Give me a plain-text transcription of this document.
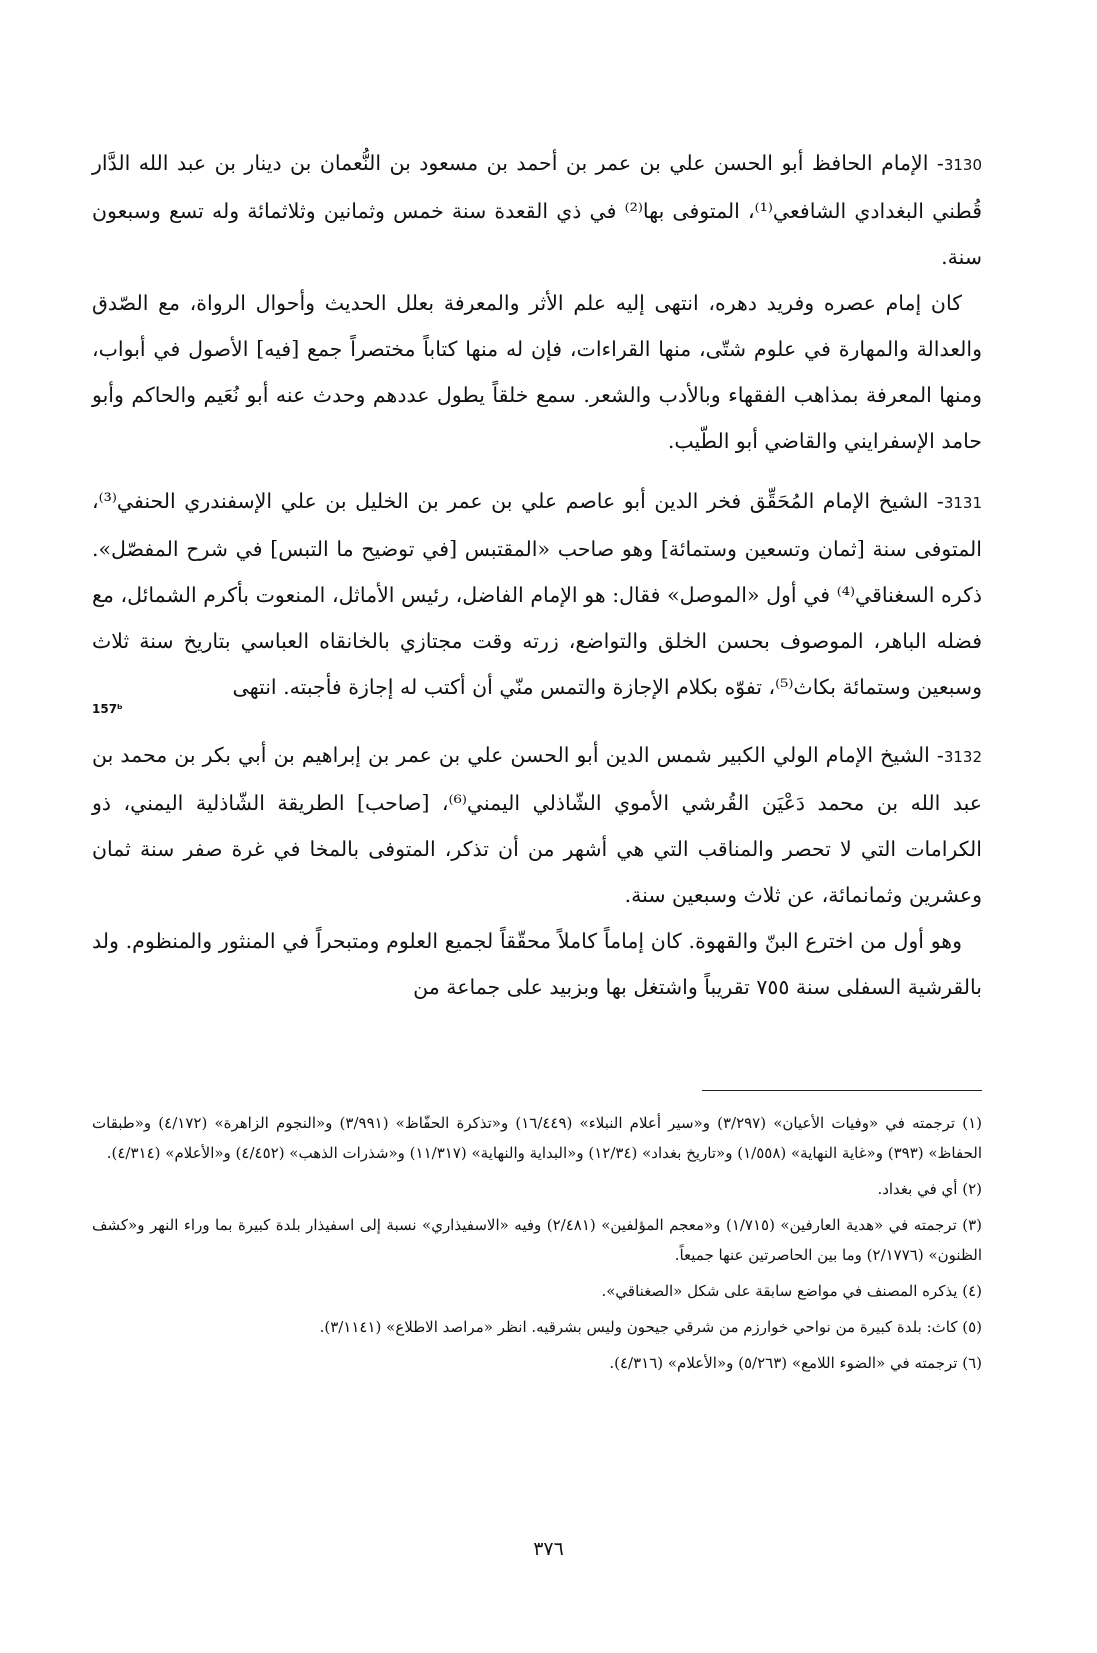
3130- الإمام الحافظ أبو الحسن علي بن عمر بن أحمد بن مسعود بن النُّعمان بن دينار بن عبد الله الدَّار قُطني البغدادي الشافعي⁽¹⁾، المتوفى بها⁽²⁾ في ذي القعدة سنة خمس وثمانين وثلاثمائة وله تسع وسبعون سنة.

كان إمام عصره وفريد دهره، انتهى إليه علم الأثر والمعرفة بعلل الحديث وأحوال الرواة، مع الصّدق والعدالة والمهارة في علوم شتّى، منها القراءات، فإن له منها كتاباً مختصراً جمع [فيه] الأصول في أبواب، ومنها المعرفة بمذاهب الفقهاء وبالأدب والشعر. سمع خلقاً يطول عددهم وحدث عنه أبو نُعَيم والحاكم وأبو حامد الإسفرايني والقاضي أبو الطّيب.

3131- الشيخ الإمام المُحَقِّق فخر الدين أبو عاصم علي بن عمر بن الخليل بن علي الإسفندري الحنفي⁽³⁾، المتوفى سنة [ثمان وتسعين وستمائة] وهو صاحب «المقتبس [في توضيح ما التبس] في شرح المفصّل». ذكره السغناقي⁽⁴⁾ في أول «الموصل» فقال: هو الإمام الفاضل، رئيس الأماثل، المنعوت بأكرم الشمائل، مع فضله الباهر، الموصوف بحسن الخلق والتواضع، زرته وقت مجتازي بالخانقاه العباسي بتاريخ سنة ثلاث وسبعين وستمائة بكاث⁽⁵⁾، تفوّه بكلام الإجازة والتمس منّي أن أكتب له إجازة فأجبته. انتهى

157ᵇ

3132- الشيخ الإمام الولي الكبير شمس الدين أبو الحسن علي بن عمر بن إبراهيم بن أبي بكر بن محمد بن عبد الله بن محمد دَعْيَن القُرشي الأموي الشّاذلي اليمني⁽⁶⁾، [صاحب] الطريقة الشّاذلية اليمني، ذو الكرامات التي لا تحصر والمناقب التي هي أشهر من أن تذكر، المتوفى بالمخا في غرة صفر سنة ثمان وعشرين وثمانمائة، عن ثلاث وسبعين سنة.

وهو أول من اخترع البنّ والقهوة. كان إماماً كاملاً محقّقاً لجميع العلوم ومتبحراً في المنثور والمنظوم. ولد بالقرشية السفلى سنة ٧٥٥ تقريباً واشتغل بها وبزبيد على جماعة من

(١) ترجمته في «وفيات الأعيان» (٣/٢٩٧) و«سير أعلام النبلاء» (١٦/٤٤٩) و«تذكرة الحفّاظ» (٣/٩٩١) و«النجوم الزاهرة» (٤/١٧٢) و«طبقات الحفاظ» (٣٩٣) و«غاية النهاية» (١/٥٥٨) و«تاريخ بغداد» (١٢/٣٤) و«البداية والنهاية» (١١/٣١٧) و«شذرات الذهب» (٤/٤٥٢) و«الأعلام» (٤/٣١٤).

(٢) أي في بغداد.

(٣) ترجمته في «هدية العارفين» (١/٧١٥) و«معجم المؤلفين» (٢/٤٨١) وفيه «الاسفيذاري» نسبة إلى اسفيذار بلدة كبيرة بما وراء النهر و«كشف الظنون» (٢/١٧٧٦) وما بين الحاصرتين عنها جميعاً.

(٤) يذكره المصنف في مواضع سابقة على شكل «الصغناقي».

(٥) كاث: بلدة كبيرة من نواحي خوارزم من شرقي جيحون وليس بشرقيه. انظر «مراصد الاطلاع» (٣/١١٤١).

(٦) ترجمته في «الضوء اللامع» (٥/٢٦٣) و«الأعلام» (٤/٣١٦).

٣٧٦
